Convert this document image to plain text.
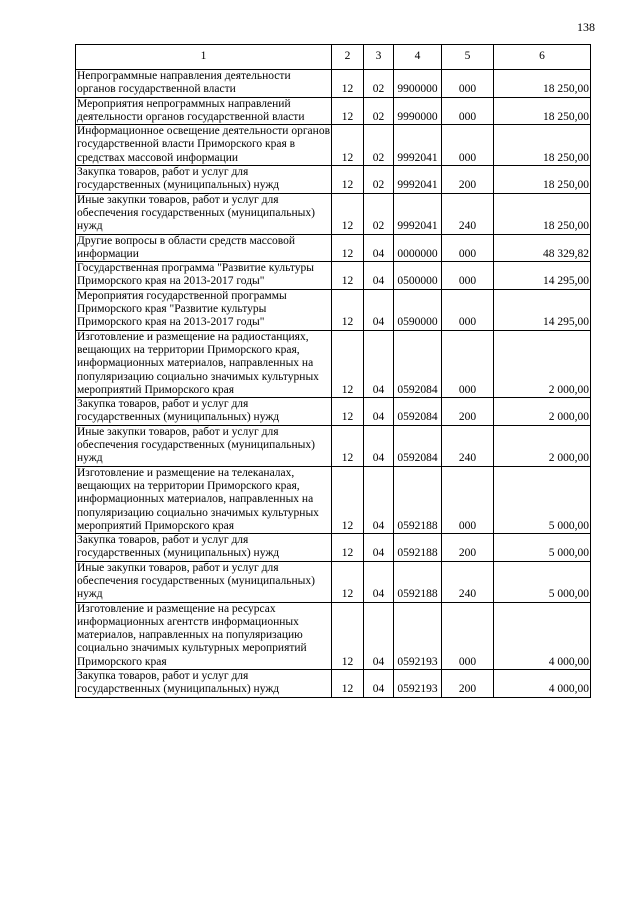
138
1	2	3	4	5	6
Непрограммные направления деятельности органов государственной власти	12	02	9900000	000	18 250,00
Мероприятия непрограммных направлений деятельности органов государственной власти	12	02	9990000	000	18 250,00
Информационное освещение деятельности органов государственной власти Приморского края в средствах массовой информации	12	02	9992041	000	18 250,00
Закупка товаров, работ и услуг для государственных (муниципальных) нужд	12	02	9992041	200	18 250,00
Иные закупки товаров, работ и услуг для обеспечения государственных (муниципальных) нужд	12	02	9992041	240	18 250,00
Другие вопросы в области средств массовой информации	12	04	0000000	000	48 329,82
Государственная программа "Развитие культуры Приморского края на 2013-2017 годы"	12	04	0500000	000	14 295,00
Мероприятия государственной программы Приморского края "Развитие культуры Приморского края на 2013-2017 годы"	12	04	0590000	000	14 295,00
Изготовление и размещение на радиостанциях, вещающих на территории Приморского края, информационных материалов, направленных на популяризацию социально значимых культурных мероприятий Приморского края	12	04	0592084	000	2 000,00
Закупка товаров, работ и услуг для государственных (муниципальных) нужд	12	04	0592084	200	2 000,00
Иные закупки товаров, работ и услуг для обеспечения государственных (муниципальных) нужд	12	04	0592084	240	2 000,00
Изготовление и размещение на телеканалах, вещающих на территории Приморского края, информационных материалов, направленных на популяризацию социально значимых культурных мероприятий Приморского края	12	04	0592188	000	5 000,00
Закупка товаров, работ и услуг для государственных (муниципальных) нужд	12	04	0592188	200	5 000,00
Иные закупки товаров, работ и услуг для обеспечения государственных (муниципальных) нужд	12	04	0592188	240	5 000,00
Изготовление и размещение на ресурсах информационных агентств информационных материалов, направленных на популяризацию социально значимых культурных мероприятий Приморского края	12	04	0592193	000	4 000,00
Закупка товаров, работ и услуг для государственных (муниципальных) нужд	12	04	0592193	200	4 000,00
